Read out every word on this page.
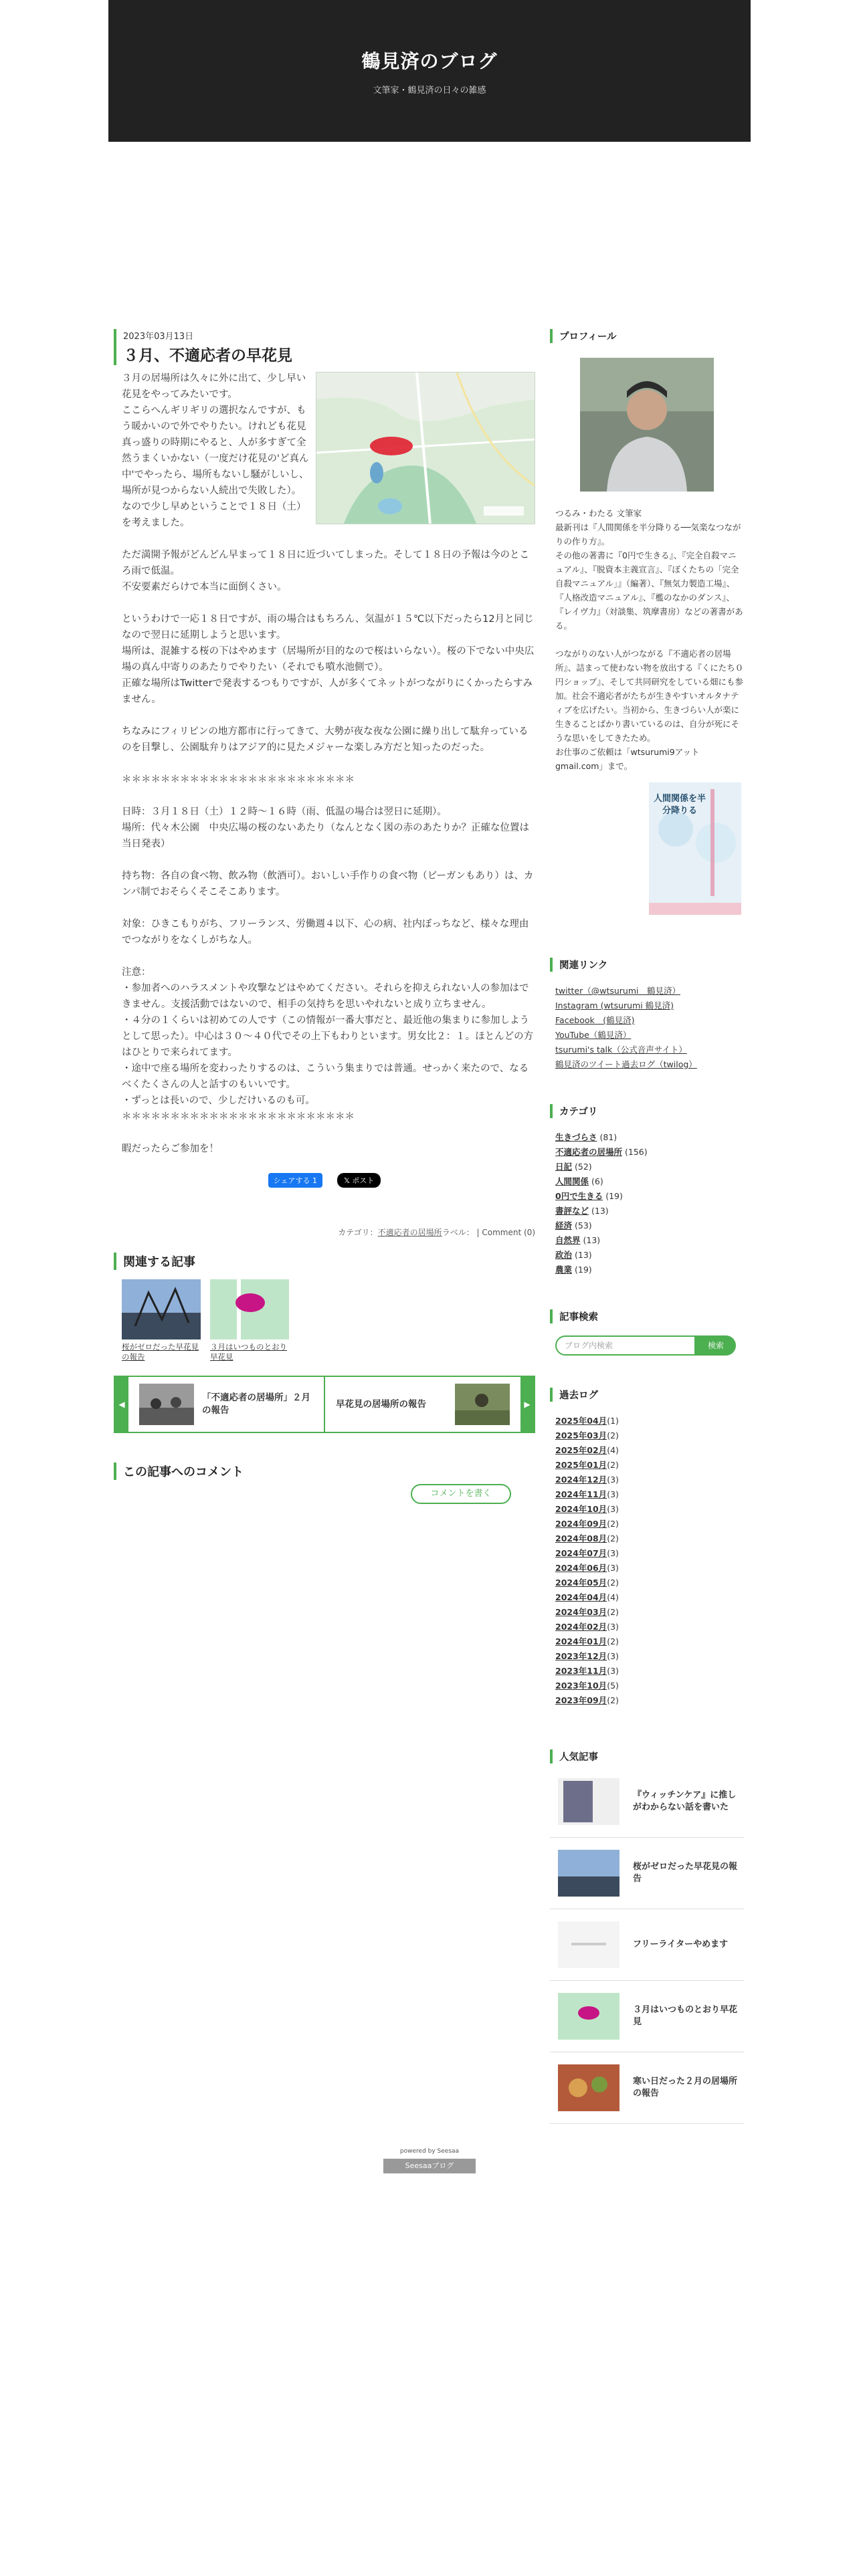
鶴見済のブログ
文筆家・鶴見済の日々の雑感
2023年03月13日
３月、不適応者の早花見

３月の居場所は久々に外に出て、少し早い花見をやってみたいです。
ここらへんギリギリの選択なんですが、もう暖かいので外でやりたい。けれども花見真っ盛りの時期にやると、人が多すぎて全然うまくいかない（一度だけ花見の'ど真ん中'でやったら、場所もないし騒がしいし、場所が見つからない人続出で失敗した）。
なので少し早めということで１８日（土）を考えました。

ただ満開予報がどんどん早まって１８日に近づいてしまった。そして１８日の予報は今のところ雨で低温。
不安要素だらけで本当に面倒くさい。

というわけで一応１８日ですが、雨の場合はもちろん、気温が１５℃以下だったら12月と同じなので翌日に延期しようと思います。
場所は、混雑する桜の下はやめます（居場所が目的なので桜はいらない）。桜の下でない中央広場の真ん中寄りのあたりでやりたい（それでも噴水池側で）。
正確な場所はTwitterで発表するつもりですが、人が多くてネットがつながりにくかったらすみません。

ちなみにフィリピンの地方都市に行ってきて、大勢が夜な夜な公園に繰り出して駄弁っているのを目撃し、公園駄弁りはアジア的に見たメジャーな楽しみ方だと知ったのだった。

＊＊＊＊＊＊＊＊＊＊＊＊＊＊＊＊＊＊＊＊＊＊＊＊

日時：３月１８日（土）１２時〜１６時（雨、低温の場合は翌日に延期）。
場所：代々木公園　中央広場の桜のないあたり（なんとなく図の赤のあたりか？正確な位置は当日発表）

持ち物：各自の食べ物、飲み物（飲酒可）。おいしい手作りの食べ物（ビーガンもあり）は、カンパ制でおそらくそこそこあります。

対象：ひきこもりがち、フリーランス、労働週４以下、心の病、社内ぼっちなど、様々な理由でつながりをなくしがちな人。

注意：
・参加者へのハラスメントや攻撃などはやめてください。それらを抑えられない人の参加はできません。支援活動ではないので、相手の気持ちを思いやれないと成り立ちません。
・４分の１くらいは初めての人です（この情報が一番大事だと、最近他の集まりに参加しようとして思った）。中心は３０〜４０代でその上下もわりといます。男女比２：１。ほとんどの方はひとりで来られてます。
・途中で座る場所を変わったりするのは、こういう集まりでは普通。せっかく来たので、なるべくたくさんの人と話すのもいいです。
・ずっとは長いので、少しだけいるのも可。
＊＊＊＊＊＊＊＊＊＊＊＊＊＊＊＊＊＊＊＊＊＊＊＊

暇だったらご参加を！

シェアする 1	𝕏 ポスト
カテゴリ：不適応者の居場所ラベル： | Comment (0)
関連する記事
桜がゼロだった早花見の報告
３月はいつものとおり早花見
◀
「不適応者の居場所」２月の報告
早花見の居場所の報告	▶
この記事へのコメント
コメントを書く
プロフィール
つるみ・わたる 文筆家
最新刊は『人間関係を半分降りる──気楽なつながりの作り方』。
その他の著書に『0円で生きる』、『完全自殺マニュアル』、『脱資本主義宣言』、『ぼくたちの「完全自殺マニュアル」』（編著）、『無気力製造工場』、『人格改造マニュアル』、『檻のなかのダンス』、『レイヴ力』（対談集、筑摩書房）などの著書がある。
つながりのない人がつながる『不適応者の居場所』、詰まって使わない物を放出する『くにたち０円ショップ』、そして共同研究をしている畑にも参加。社会不適応者がたちが生きやすいオルタナティブを広げたい。当初から、生きづらい人が楽に生きることばかり書いているのは、自分が死にそうな思いをしてきたため。
お仕事のご依頼は「wtsurumi9アット gmail.com」まで。
人間関係を半分降りる
関連リンク
twitter（@wtsurumi　鶴見済）
Instagram (wtsurumi 鶴見済)
Facebook　(鶴見済)
YouTube（鶴見済）
tsurumi's talk（公式音声サイト）
鶴見済のツイート過去ログ（twilog）
カテゴリ
生きづらさ (81)
不適応者の居場所 (156)
日記 (52)
人間関係 (6)
0円で生きる (19)
書評など (13)
経済 (53)
自然界 (13)
政治 (13)
農業 (19)
記事検索
ブログ内検索	検索
過去ログ
2025年04月(1)
2025年03月(2)
2025年02月(4)
2025年01月(2)
2024年12月(3)
2024年11月(3)
2024年10月(3)
2024年09月(2)
2024年08月(2)
2024年07月(3)
2024年06月(3)
2024年05月(2)
2024年04月(4)
2024年03月(2)
2024年02月(3)
2024年01月(2)
2023年12月(3)
2023年11月(3)
2023年10月(5)
2023年09月(2)
人気記事
『ウィッチンケア』に推しがわからない話を書いた
桜がゼロだった早花見の報告
フリーライターやめます
３月はいつものとおり早花見
寒い日だった２月の居場所の報告
powered by Seesaa
Seesaaブログ
